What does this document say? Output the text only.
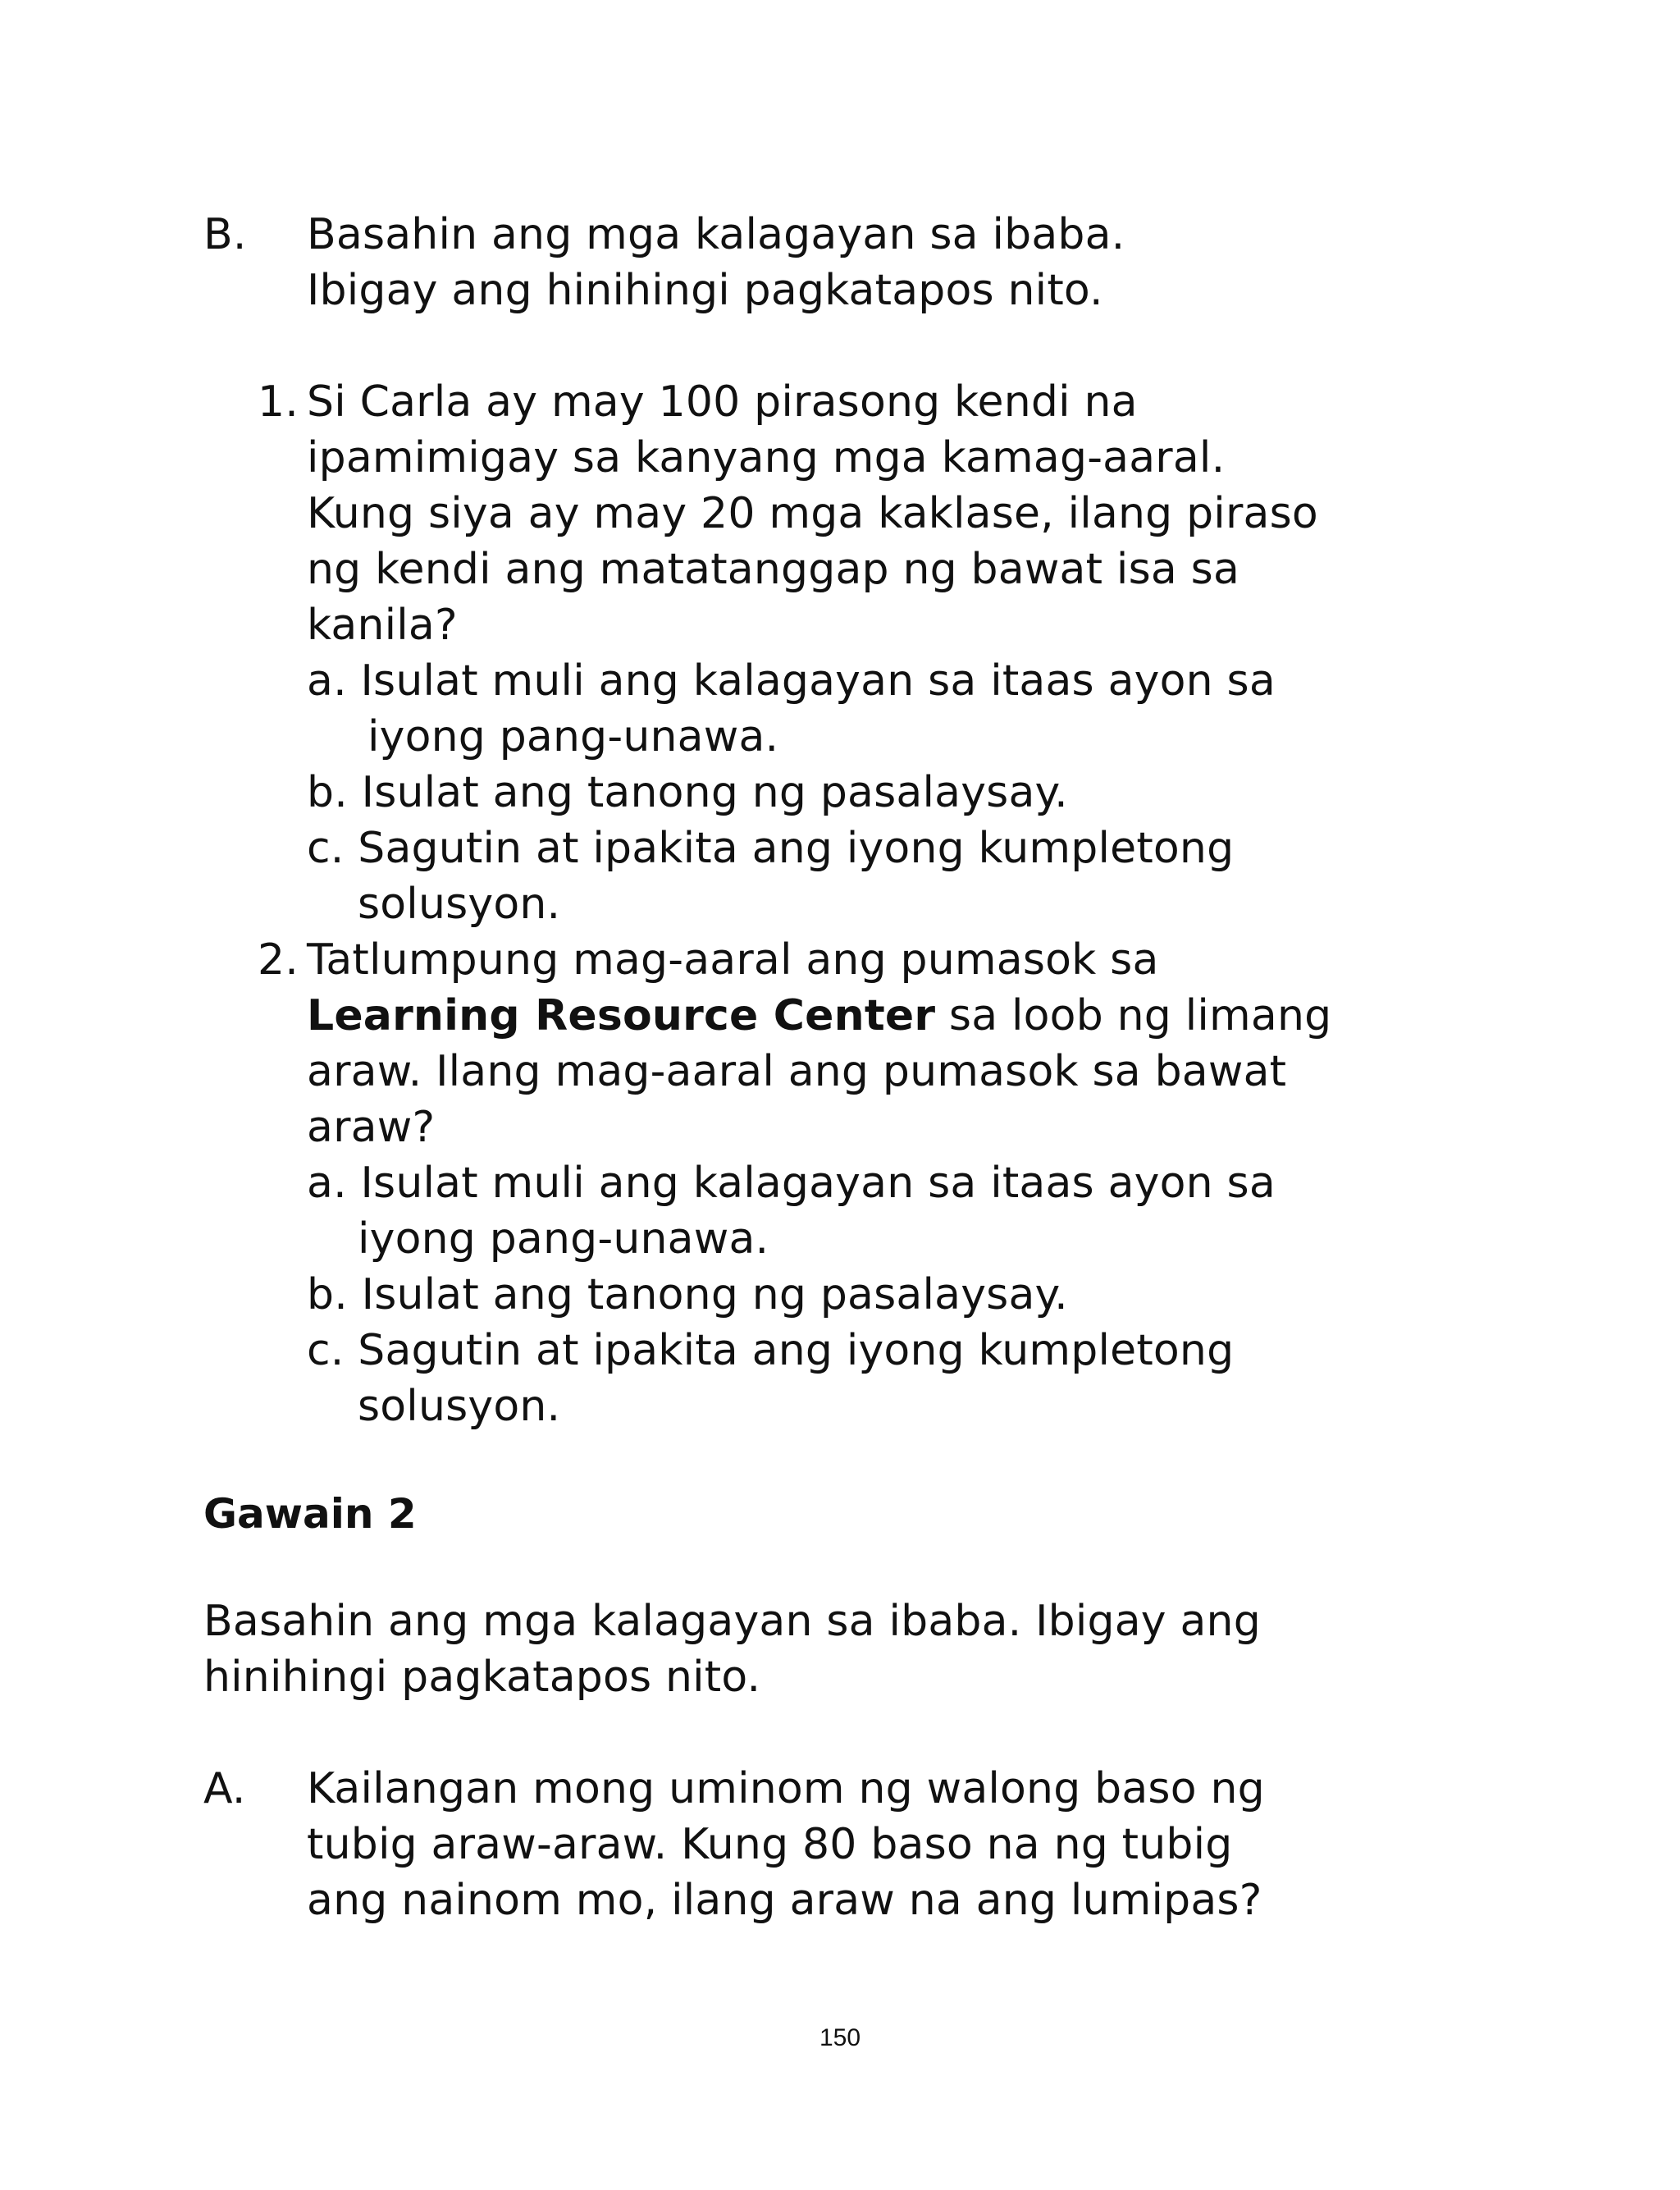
B. Basahin ang mga kalagayan sa ibaba.
Ibigay ang hinihingi pagkatapos nito.
1. Si Carla ay may 100 pirasong kendi na
ipamimigay sa kanyang mga kamag-aaral.
Kung siya ay may 20 mga kaklase, ilang piraso
ng kendi ang matatanggap ng bawat isa sa
kanila?
a. Isulat muli ang kalagayan sa itaas ayon sa
iyong pang-unawa.
b. Isulat ang tanong ng pasalaysay.
c. Sagutin at ipakita ang iyong kumpletong
solusyon.
2. Tatlumpung mag-aaral ang pumasok sa
Learning Resource Center sa loob ng limang
araw. Ilang mag-aaral ang pumasok sa bawat
araw?
a. Isulat muli ang kalagayan sa itaas ayon sa
iyong pang-unawa.
b. Isulat ang tanong ng pasalaysay.
c. Sagutin at ipakita ang iyong kumpletong
solusyon.
Gawain 2
Basahin ang mga kalagayan sa ibaba. Ibigay ang
hinihingi pagkatapos nito.
A. Kailangan mong uminom ng walong baso ng
tubig araw-araw. Kung 80 baso na ng tubig
ang nainom mo, ilang araw na ang lumipas?
150
